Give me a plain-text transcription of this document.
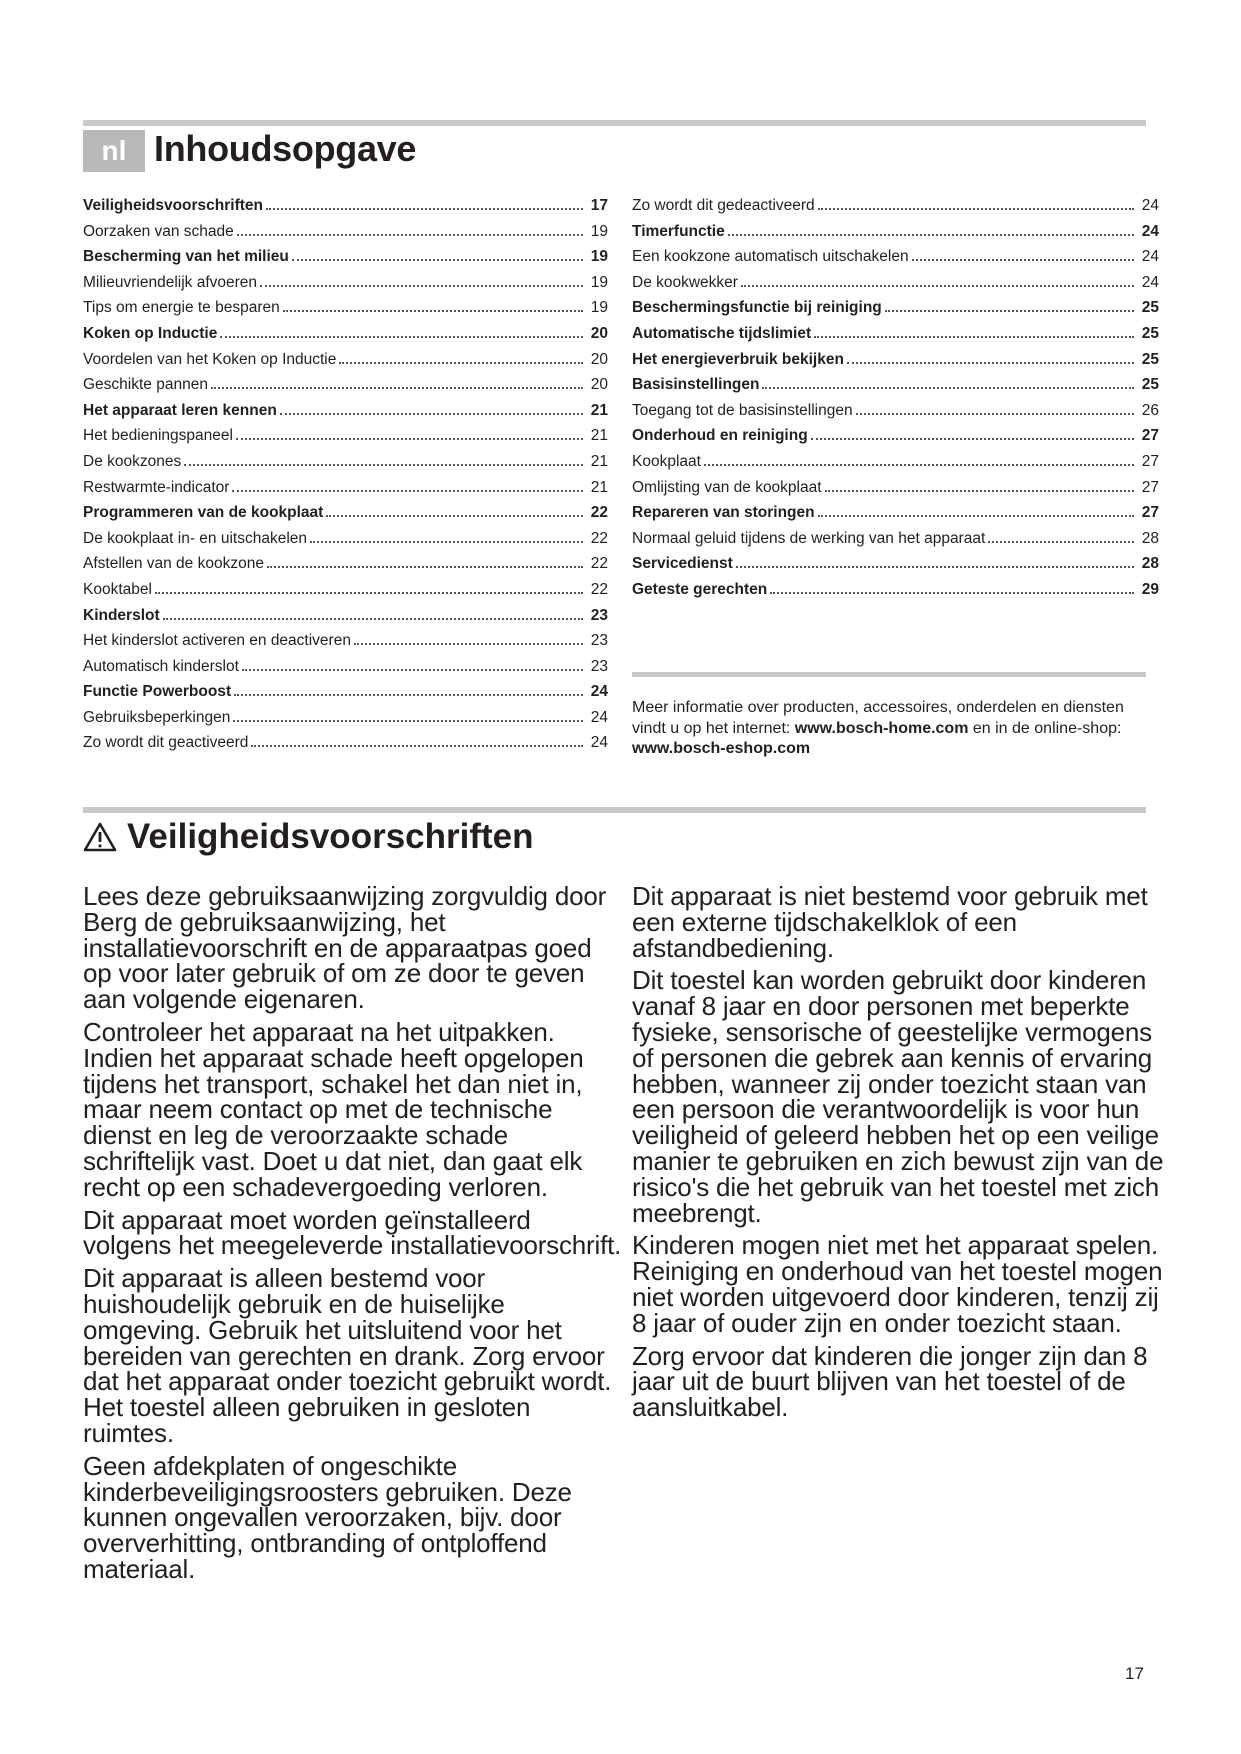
nl Inhoudsopgave
Veiligheidsvoorschriften	17
Oorzaken van schade	19
Bescherming van het milieu	19
Milieuvriendelijk afvoeren	19
Tips om energie te besparen	19
Koken op Inductie	20
Voordelen van het Koken op Inductie	20
Geschikte pannen	20
Het apparaat leren kennen	21
Het bedieningspaneel	21
De kookzones	21
Restwarmte-indicator	21
Programmeren van de kookplaat	22
De kookplaat in- en uitschakelen	22
Afstellen van de kookzone	22
Kooktabel	22
Kinderslot	23
Het kinderslot activeren en deactiveren	23
Automatisch kinderslot	23
Functie Powerboost	24
Gebruiksbeperkingen	24
Zo wordt dit geactiveerd	24
Zo wordt dit gedeactiveerd	24
Timerfunctie	24
Een kookzone automatisch uitschakelen	24
De kookwekker	24
Beschermingsfunctie bij reiniging	25
Automatische tijdslimiet	25
Het energieverbruik bekijken	25
Basisinstellingen	25
Toegang tot de basisinstellingen	26
Onderhoud en reiniging	27
Kookplaat	27
Omlijsting van de kookplaat	27
Repareren van storingen	27
Normaal geluid tijdens de werking van het apparaat	28
Servicedienst	28
Geteste gerechten	29

Meer informatie over producten, accessoires, onderdelen en diensten vindt u op het internet: www.bosch-home.com en in de online-shop: www.bosch-eshop.com

Veiligheidsvoorschriften

Lees deze gebruiksaanwijzing zorgvuldig door Berg de gebruiksaanwijzing, het installatievoorschrift en de apparaatpas goed op voor later gebruik of om ze door te geven aan volgende eigenaren.

Controleer het apparaat na het uitpakken. Indien het apparaat schade heeft opgelopen tijdens het transport, schakel het dan niet in, maar neem contact op met de technische dienst en leg de veroorzaakte schade schriftelijk vast. Doet u dat niet, dan gaat elk recht op een schadevergoeding verloren.

Dit apparaat moet worden geïnstalleerd volgens het meegeleverde installatievoorschrift.

Dit apparaat is alleen bestemd voor huishoudelijk gebruik en de huiselijke omgeving. Gebruik het uitsluitend voor het bereiden van gerechten en drank. Zorg ervoor dat het apparaat onder toezicht gebruikt wordt. Het toestel alleen gebruiken in gesloten ruimtes.

Geen afdekplaten of ongeschikte kinderbeveiligingsroosters gebruiken. Deze kunnen ongevallen veroorzaken, bijv. door oververhitting, ontbranding of ontploffend materiaal.

Dit apparaat is niet bestemd voor gebruik met een externe tijdschakelklok of een afstandbediening.

Dit toestel kan worden gebruikt door kinderen vanaf 8 jaar en door personen met beperkte fysieke, sensorische of geestelijke vermogens of personen die gebrek aan kennis of ervaring hebben, wanneer zij onder toezicht staan van een persoon die verantwoordelijk is voor hun veiligheid of geleerd hebben het op een veilige manier te gebruiken en zich bewust zijn van de risico's die het gebruik van het toestel met zich meebrengt.

Kinderen mogen niet met het apparaat spelen. Reiniging en onderhoud van het toestel mogen niet worden uitgevoerd door kinderen, tenzij zij 8 jaar of ouder zijn en onder toezicht staan.

Zorg ervoor dat kinderen die jonger zijn dan 8 jaar uit de buurt blijven van het toestel of de aansluitkabel.

17
